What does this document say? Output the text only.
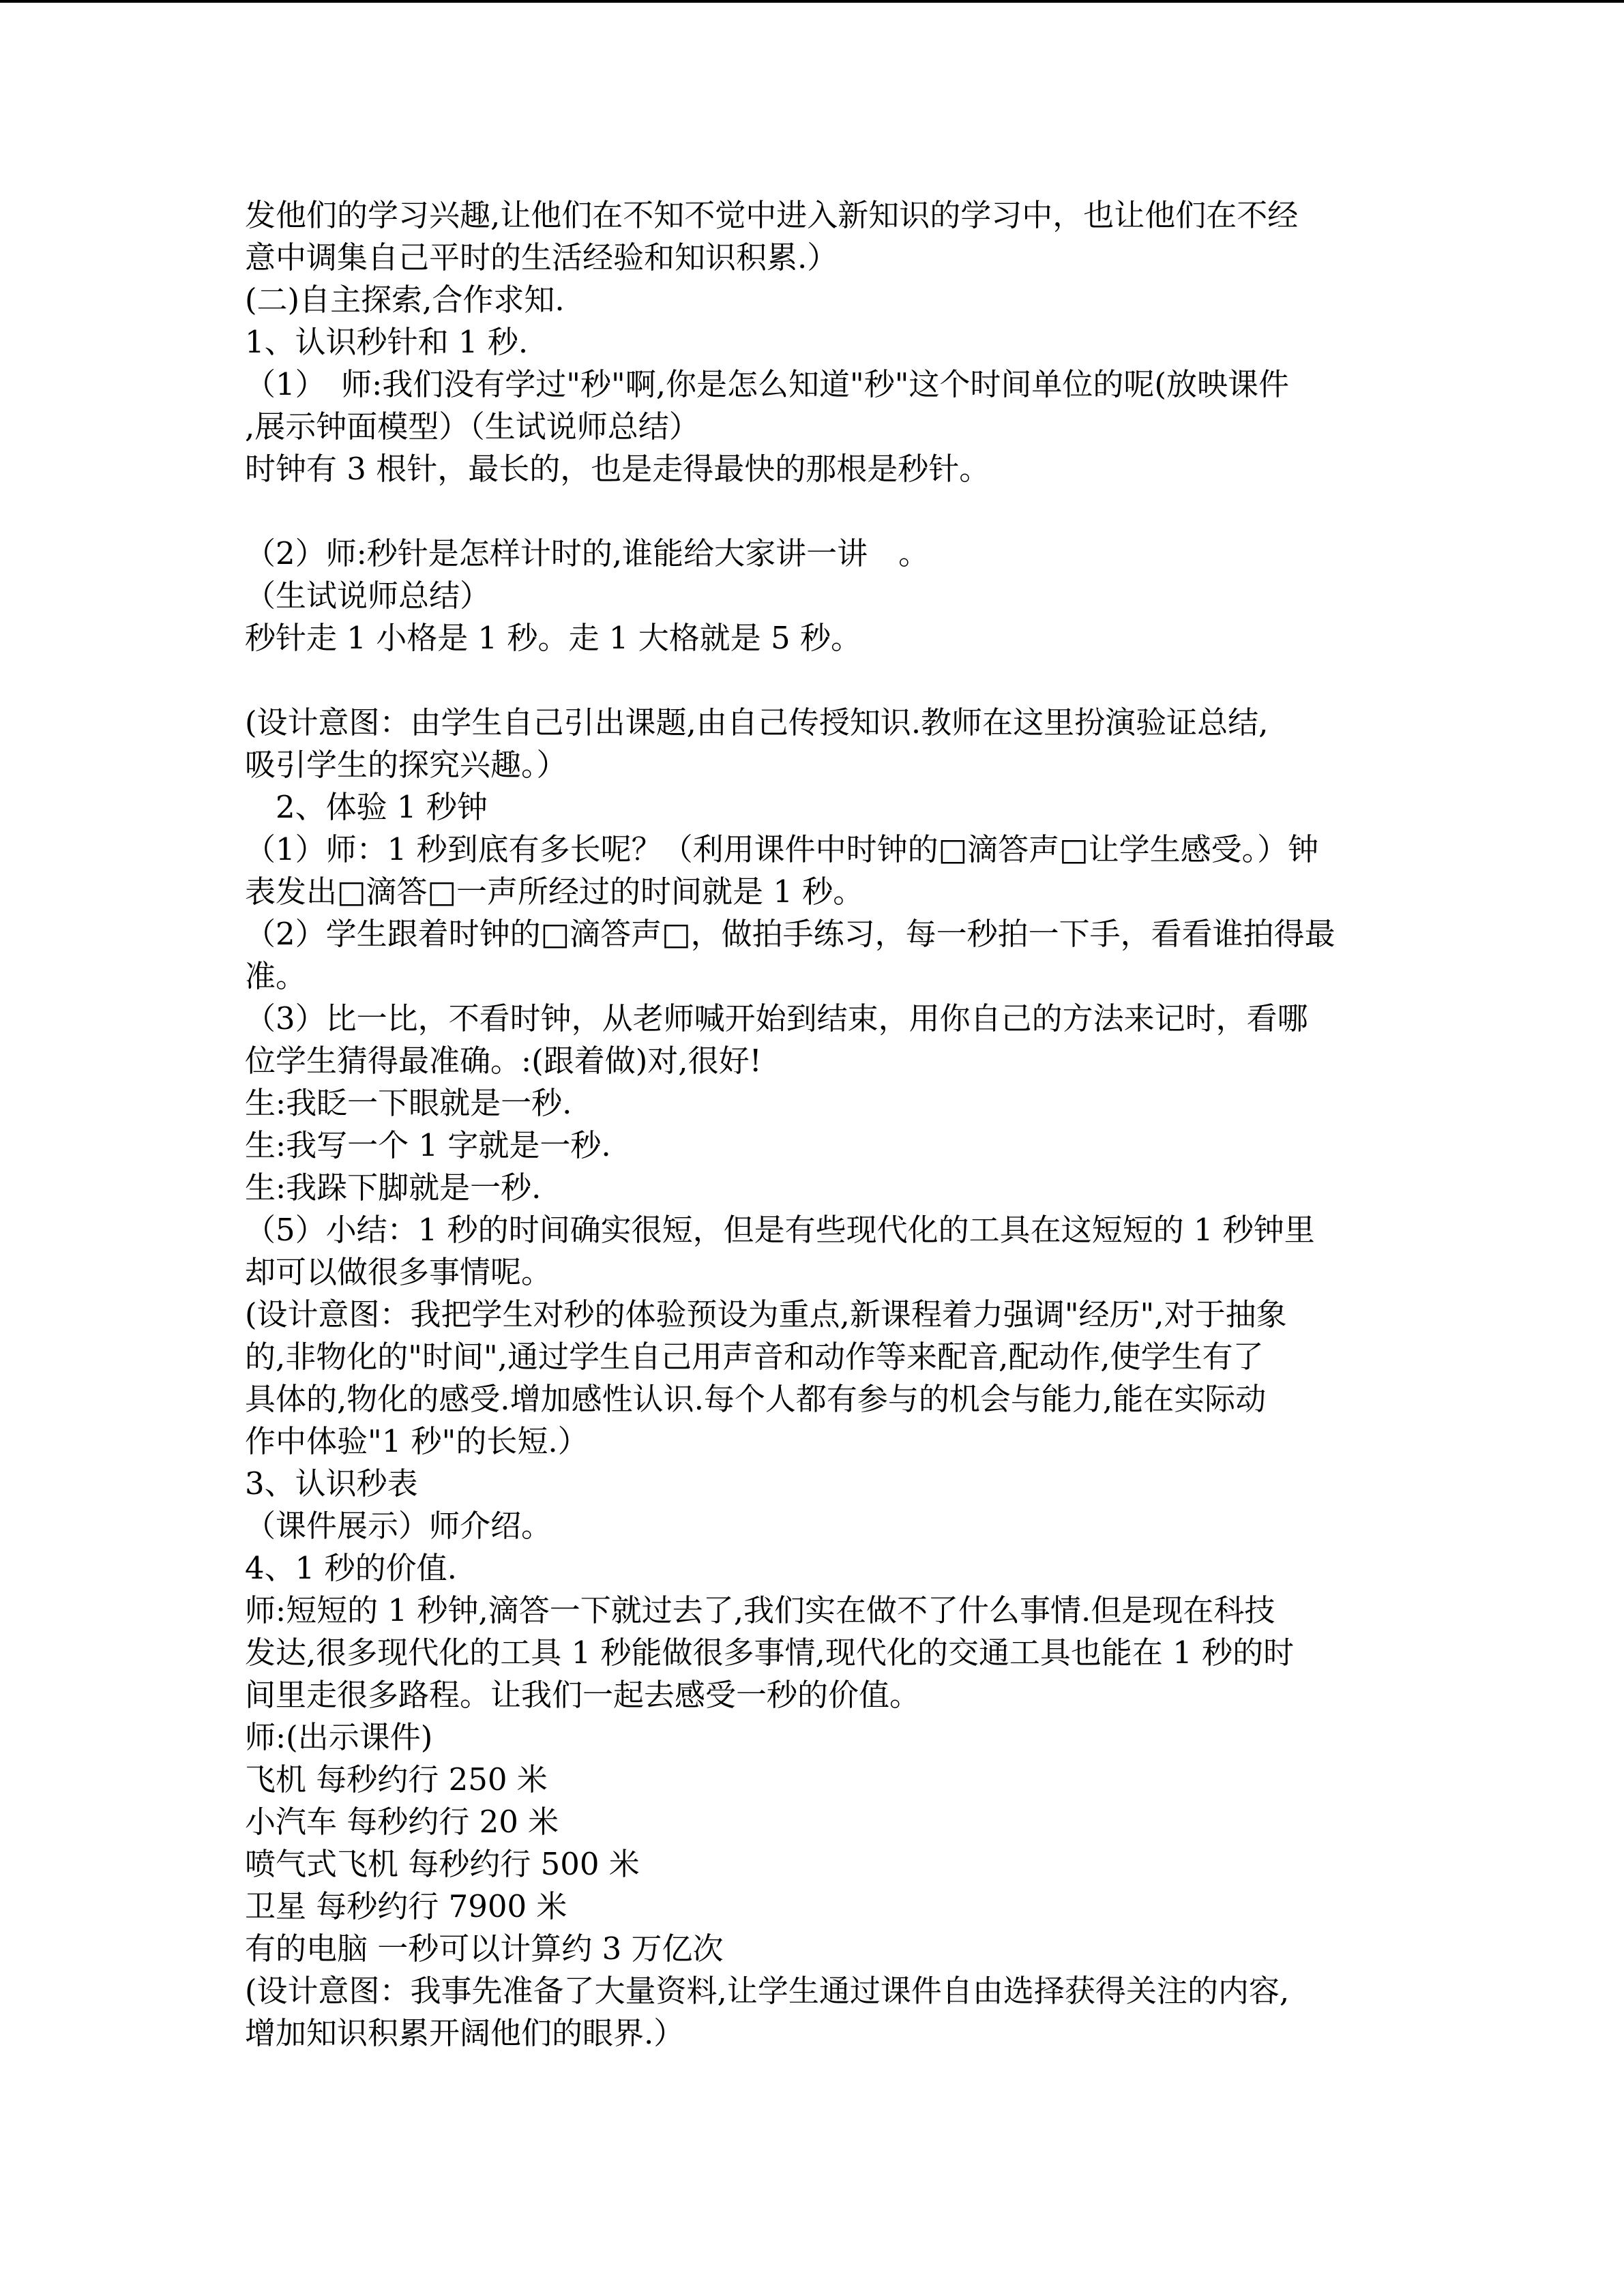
发他们的学习兴趣,让他们在不知不觉中进入新知识的学习中，也让他们在不经
意中调集自己平时的生活经验和知识积累.）
(二)自主探索,合作求知.
1、认识秒针和 1 秒.
（1）　师:我们没有学过"秒"啊,你是怎么知道"秒"这个时间单位的呢(放映课件
,展示钟面模型）（生试说师总结）
时钟有 3 根针，最长的，也是走得最快的那根是秒针。
（2）师:秒针是怎样计时的,谁能给大家讲一讲　。
（生试说师总结）
秒针走 1 小格是 1 秒。走 1 大格就是 5 秒。
(设计意图：由学生自己引出课题,由自己传授知识.教师在这里扮演验证总结,
吸引学生的探究兴趣。）
　2、体验 1 秒钟
（1）师：1 秒到底有多长呢？（利用课件中时钟的□滴答声□让学生感受。）钟
表发出□滴答□一声所经过的时间就是 1 秒。
（2）学生跟着时钟的□滴答声□，做拍手练习，每一秒拍一下手，看看谁拍得最
准。
（3）比一比，不看时钟，从老师喊开始到结束，用你自己的方法来记时，看哪
位学生猜得最准确。:(跟着做)对,很好!
生:我眨一下眼就是一秒.
生:我写一个 1 字就是一秒.
生:我跺下脚就是一秒.
（5）小结：1 秒的时间确实很短，但是有些现代化的工具在这短短的 1 秒钟里
却可以做很多事情呢。
(设计意图：我把学生对秒的体验预设为重点,新课程着力强调"经历",对于抽象
的,非物化的"时间",通过学生自己用声音和动作等来配音,配动作,使学生有了
具体的,物化的感受.增加感性认识.每个人都有参与的机会与能力,能在实际动
作中体验"1 秒"的长短.）
3、认识秒表
（课件展示）师介绍。
4、1 秒的价值.
师:短短的 1 秒钟,滴答一下就过去了,我们实在做不了什么事情.但是现在科技
发达,很多现代化的工具 1 秒能做很多事情,现代化的交通工具也能在 1 秒的时
间里走很多路程。让我们一起去感受一秒的价值。
师:(出示课件)
飞机 每秒约行 250 米
小汽车 每秒约行 20 米
喷气式飞机 每秒约行 500 米
卫星 每秒约行 7900 米
有的电脑 一秒可以计算约 3 万亿次
(设计意图：我事先准备了大量资料,让学生通过课件自由选择获得关注的内容,
增加知识积累开阔他们的眼界.）
